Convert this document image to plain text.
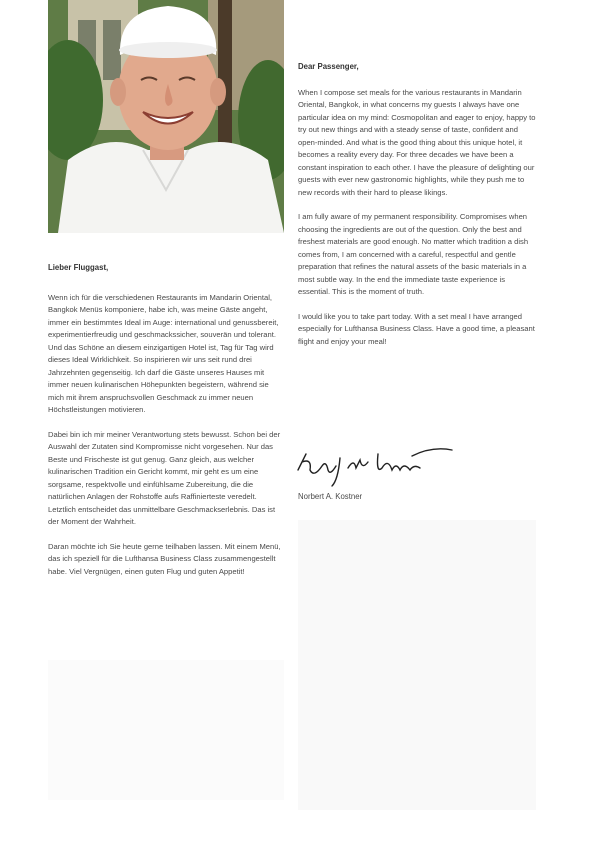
Lieber Fluggast,

Wenn ich für die verschiedenen Restaurants im Mandarin Oriental, Bangkok Menüs komponiere, habe ich, was meine Gäste angeht, immer ein bestimmtes Ideal im Auge: international und genussbereit, experimentierfreudig und geschmackssicher, souverän und tolerant. Und das Schöne an diesem einzigartigen Hotel ist, Tag für Tag wird dieses Ideal Wirklichkeit. So inspirieren wir uns seit rund drei Jahrzehnten gegenseitig. Ich darf die Gäste unseres Hauses mit immer neuen kulinarischen Höhepunkten begeistern, während sie mich mit ihrem anspruchsvollen Geschmack zu immer neuen Höchstleistungen motivieren.

Dabei bin ich mir meiner Verantwortung stets bewusst. Schon bei der Auswahl der Zutaten sind Kompromisse nicht vorgesehen. Nur das Beste und Frischeste ist gut genug. Ganz gleich, aus welcher kulinarischen Tradition ein Gericht kommt, mir geht es um eine sorgsame, respektvolle und einfühlsame Zubereitung, die die natürlichen Anlagen der Rohstoffe aufs Raffinierteste veredelt. Letztlich entscheidet das unmittelbare Geschmackserlebnis. Das ist der Moment der Wahrheit.

Daran möchte ich Sie heute gerne teilhaben lassen. Mit einem Menü, das ich speziell für die Lufthansa Business Class zusammengestellt habe. Viel Vergnügen, einen guten Flug und guten Appetit!

Dear Passenger,

When I compose set meals for the various restaurants in Mandarin Oriental, Bangkok, in what concerns my guests I always have one particular idea on my mind: Cosmopolitan and eager to enjoy, happy to try out new things and with a steady sense of taste, confident and open-minded. And what is the good thing about this unique hotel, it becomes a reality every day. For three decades we have been a constant inspiration to each other. I have the pleasure of delighting our guests with ever new gastronomic highlights, while they push me to new records with their hard to please likings.

I am fully aware of my permanent responsibility. Compromises when choosing the ingredients are out of the question. Only the best and freshest materials are good enough. No matter which tradition a dish comes from, I am concerned with a careful, respectful and gentle preparation that refines the natural assets of the basic materials in a most subtle way. In the end the immediate taste experience is essential. This is the moment of truth.

I would like you to take part today. With a set meal I have arranged especially for Lufthansa Business Class. Have a good time, a pleasant flight and enjoy your meal!

Norbert A. Kostner
